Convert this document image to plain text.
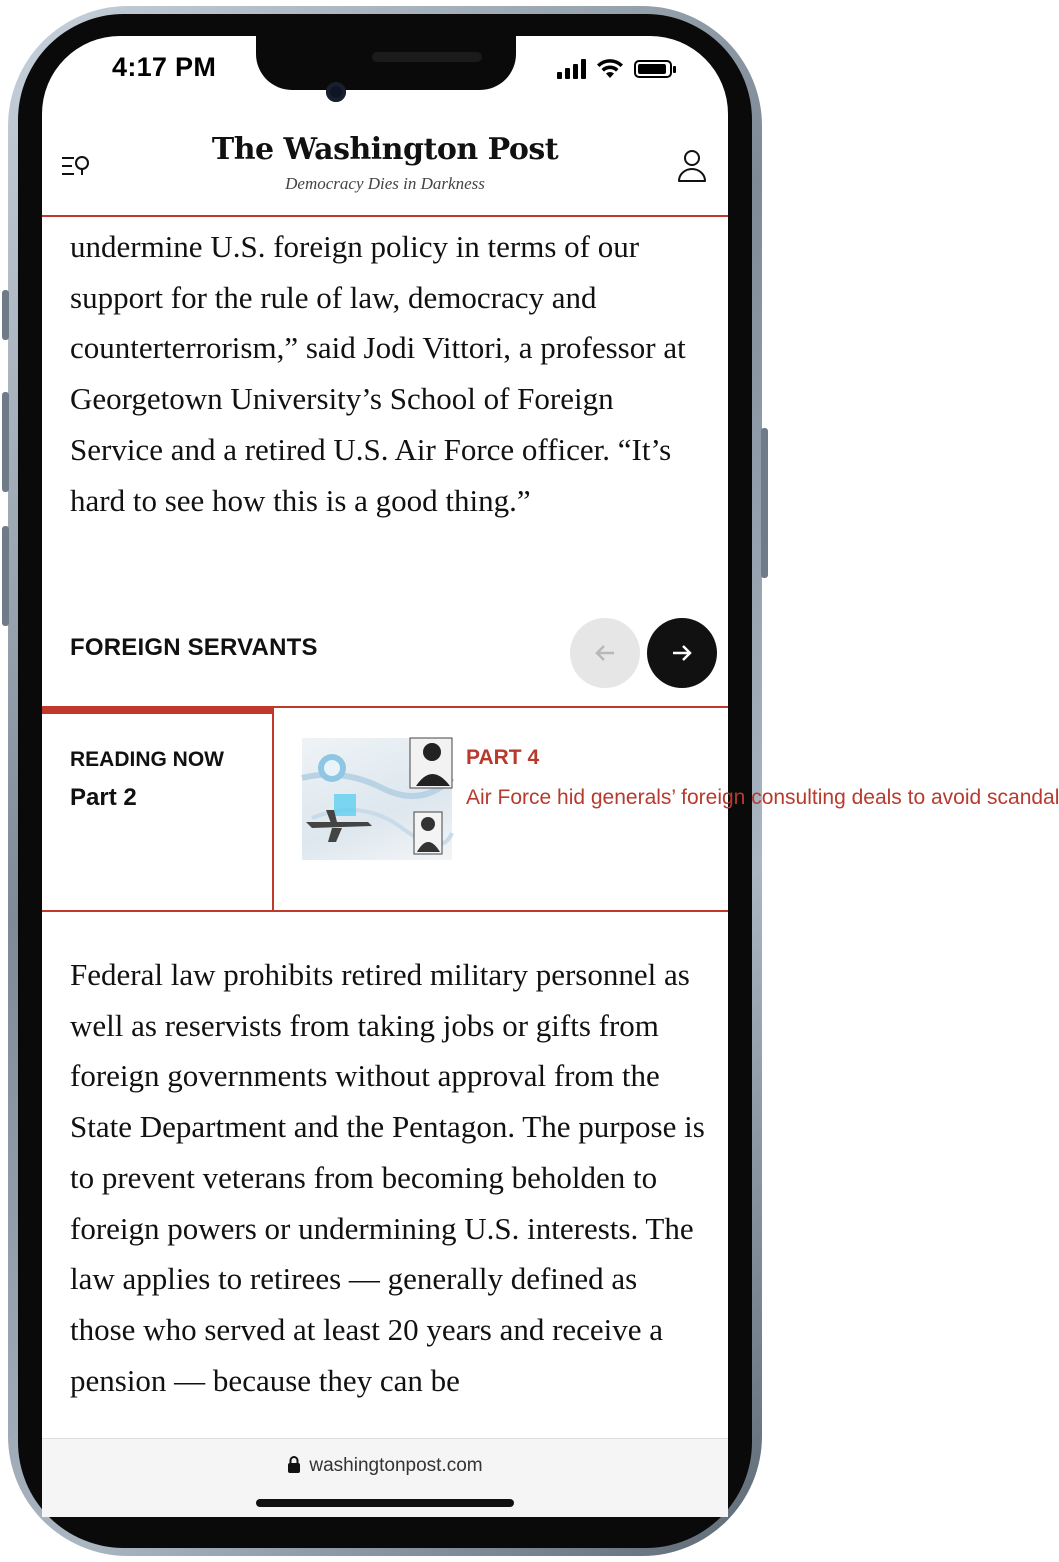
4:17 PM
The Washington Post
Democracy Dies in Darkness
undermine U.S. foreign policy in terms of our support for the rule of law, democracy and counterterrorism,” said Jodi Vittori, a professor at Georgetown University’s School of Foreign Service and a retired U.S. Air Force officer. “It’s hard to see how this is a good thing.”
FOREIGN SERVANTS
READING NOW
Part 2
PART 4
Air Force hid generals’ foreign consulting deals to avoid scandal
Federal law prohibits retired military personnel as well as reservists from taking jobs or gifts from foreign governments without approval from the State Department and the Pentagon. The purpose is to prevent veterans from becoming beholden to foreign powers or undermining U.S. interests. The law applies to retirees — generally defined as those who served at least 20 years and receive a pension — because they can be
washingtonpost.com
